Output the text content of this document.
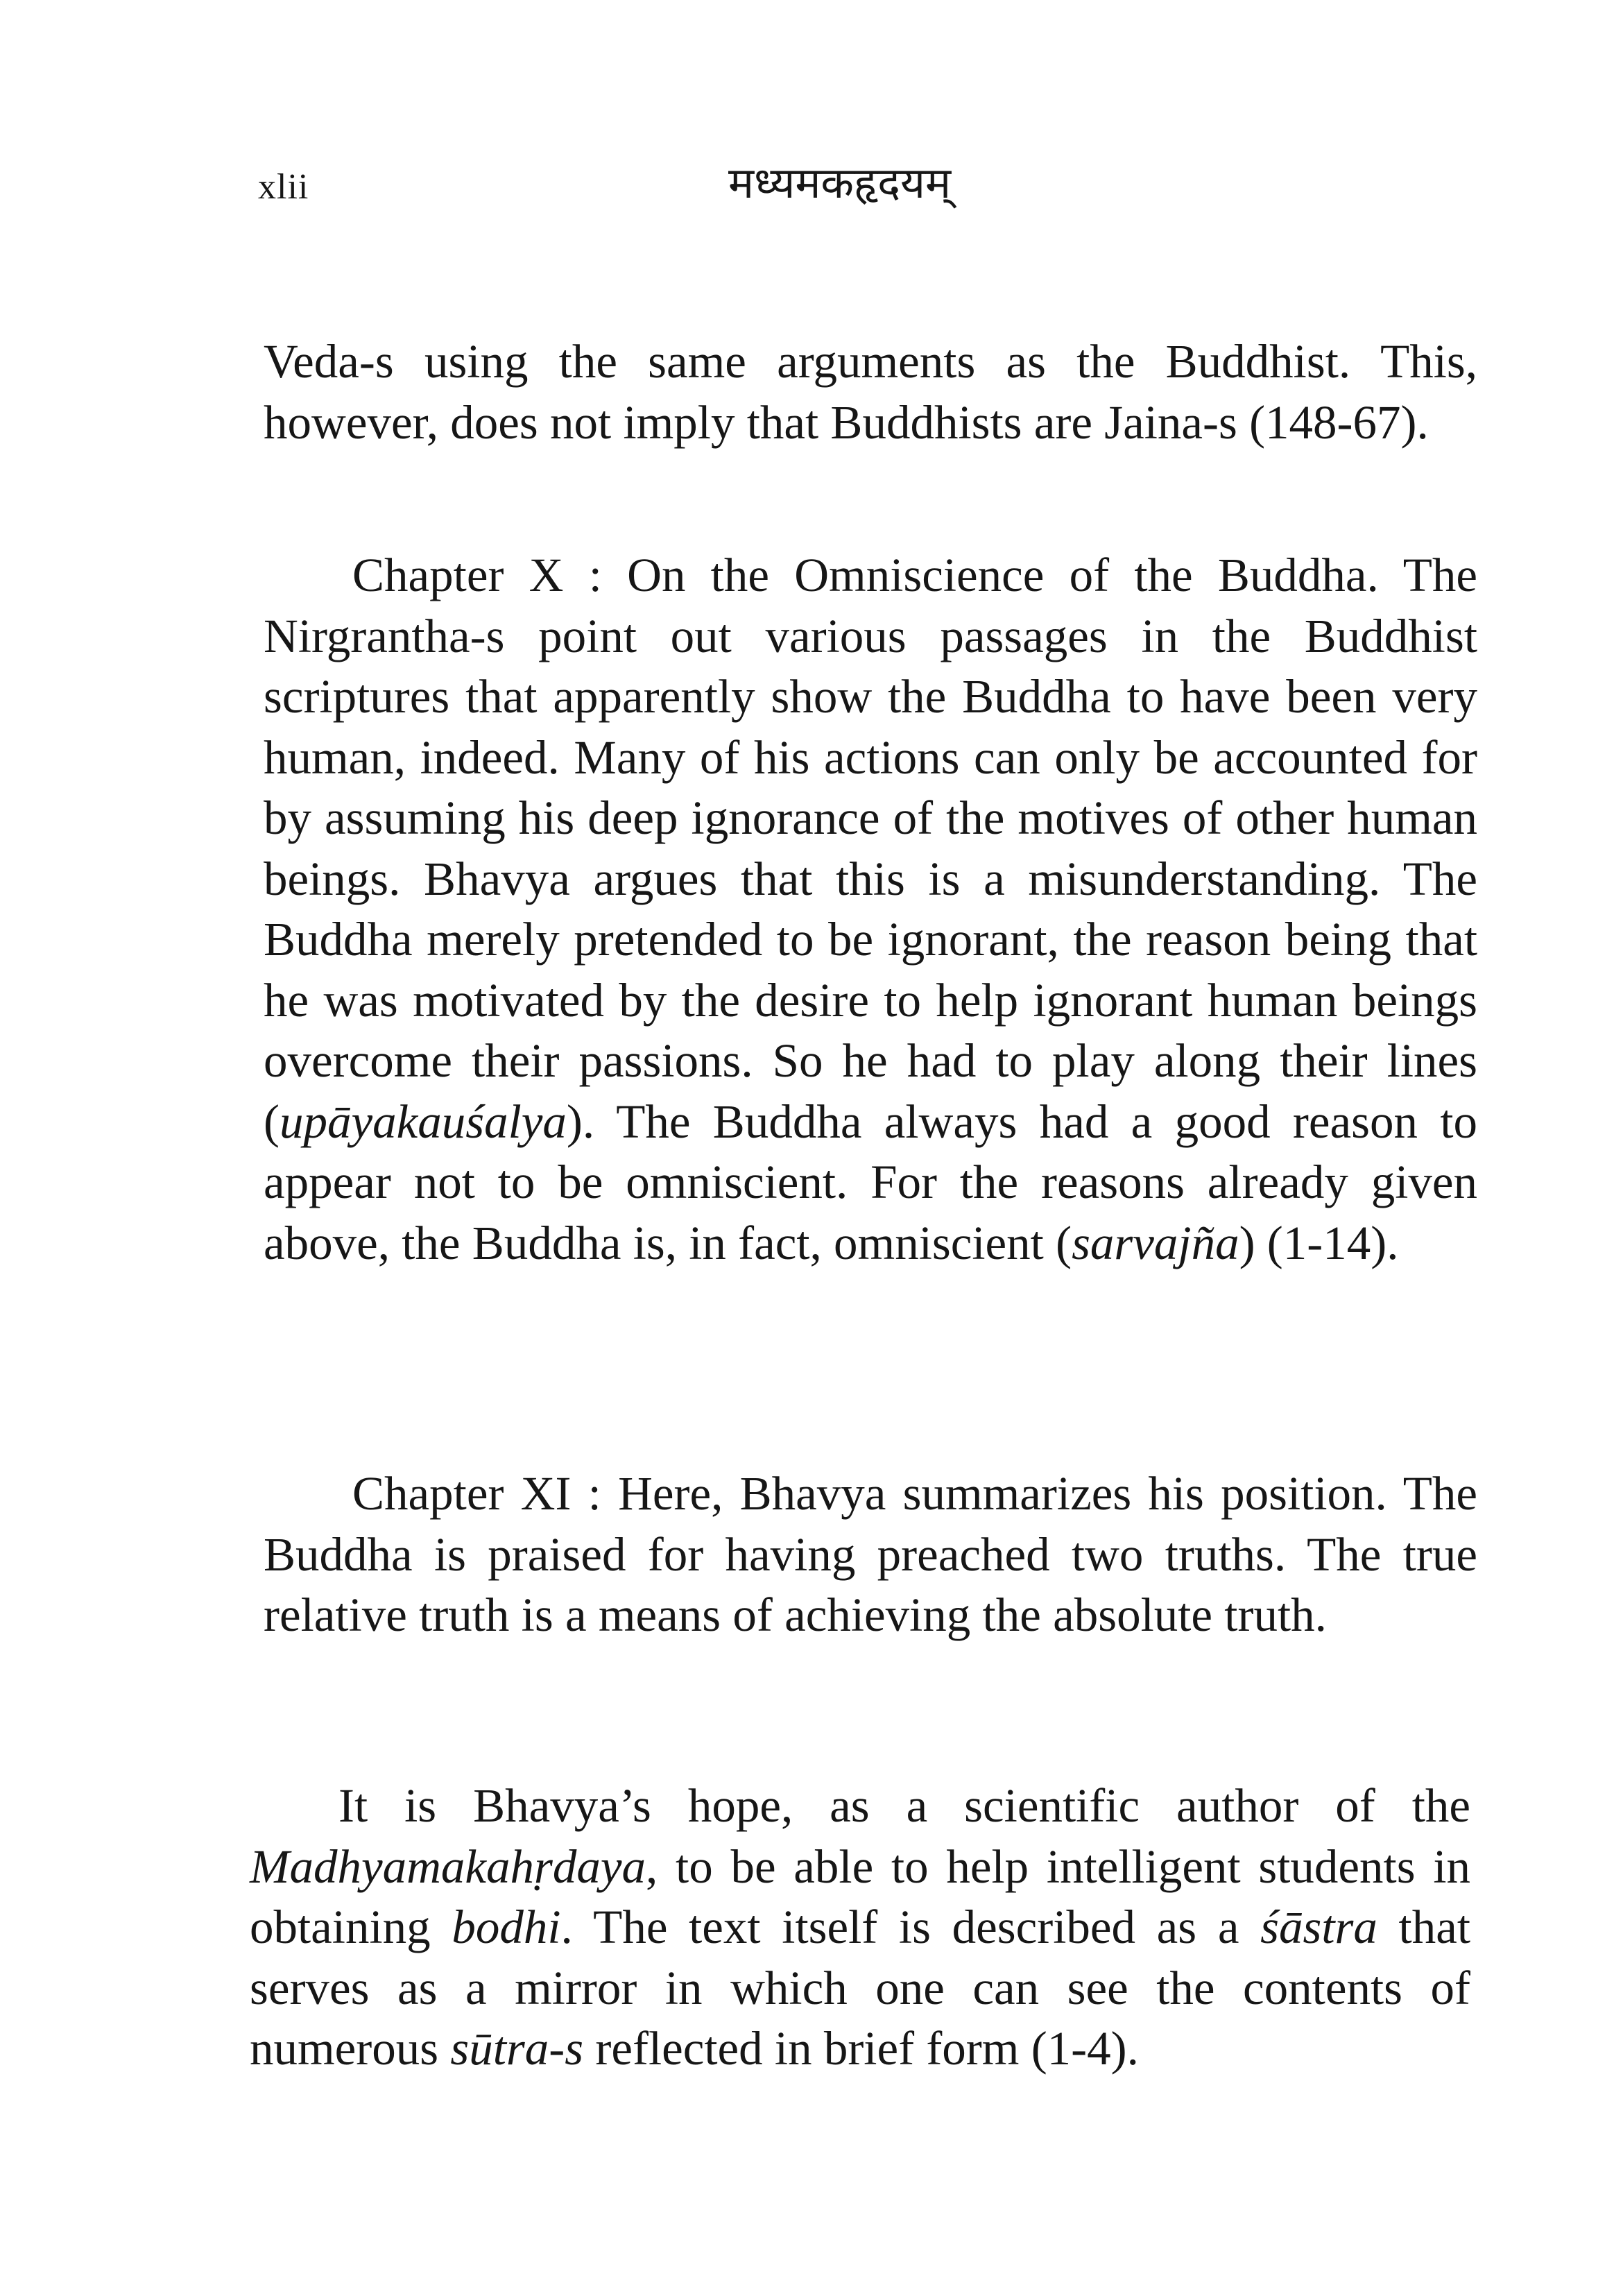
xlii	मध्यमकहृदयम्

Veda-s using the same arguments as the Buddhist. This, however, does not imply that Buddhists are Jaina-s (148-67).

Chapter X : On the Omniscience of the Buddha. The Nirgrantha-s point out various passages in the Buddhist scriptures that apparently show the Buddha to have been very human, indeed. Many of his actions can only be accounted for by assuming his deep ignorance of the motives of other human beings. Bhavya argues that this is a misunderstanding. The Buddha merely pretended to be ignorant, the reason being that he was motivated by the desire to help ignorant human beings overcome their passions. So he had to play along their lines (upāyakauśalya). The Buddha always had a good reason to appear not to be omniscient. For the reasons already given above, the Buddha is, in fact, omniscient (sarvajña) (1-14).

Chapter XI : Here, Bhavya summarizes his position. The Buddha is praised for having preached two truths. The true relative truth is a means of achieving the absolute truth.

It is Bhavya’s hope, as a scientific author of the Madhyamakahṛdaya, to be able to help intelligent students in obtaining bodhi. The text itself is described as a śāstra that serves as a mirror in which one can see the contents of numerous sūtra-s reflected in brief form (1-4).
